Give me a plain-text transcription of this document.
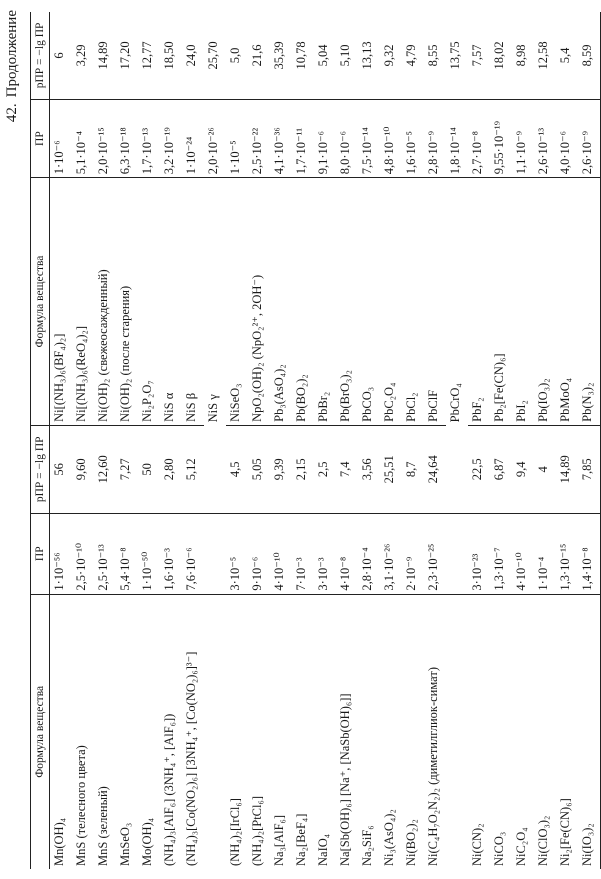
42.Продолжение
Формула вещества	ПР	pПР = −lg ПР	Формула вещества	ПР	pПР = −lg ПР
Mn(OH)₄	1·10⁻⁵⁶	56	Ni[(NH₃)₆(BF₄)₂]	1·10⁻⁶	6
MnS (телесного цвета)	2,5·10⁻¹⁰	9,60	Ni[(NH₃)₆(ReO₄)₂]	5,1·10⁻⁴	3,29
MnS (зеленый)	2,5·10⁻¹³	12,60	Ni(OH)₂ (свежеосажденный)	2,0·10⁻¹⁵	14,89
MnSeO₃	5,4·10⁻⁸	7,27	Ni(OH)₂ (после старения)	6,3·10⁻¹⁸	17,20
Mo(OH)₄	1·10⁻⁵⁰	50	Ni₂P₂O₇	1,7·10⁻¹³	12,77
(NH₄)₃[AlF₆] (3NH₄⁺, [AlF₆])	1,6·10⁻³	2,80	NiS α	3,2·10⁻¹⁹	18,50
(NH₄)₃[Co(NO₂)₆] [3NH₄⁺, [Co(NO₂)₆]³⁻]	7,6·10⁻⁶	5,12	NiS β	1·10⁻²⁴	24,0
			NiS γ	2,0·10⁻²⁶	25,70
(NH₄)₂[IrCl₆]	3·10⁻⁵	4,5	NiSeO₃	1·10⁻⁵	5,0
(NH₄)₂[PtCl₆]	9·10⁻⁶	5,05	NpO₂(OH)₂ (NpO₂²⁺, 2OH⁻)	2,5·10⁻²²	21,6
Na₃[AlF₆]	4·10⁻¹⁰	9,39	Pb₃(AsO₄)₂	4,1·10⁻³⁶	35,39
Na₂[BeF₄]	7·10⁻³	2,15	Pb(BO₂)₂	1,7·10⁻¹¹	10,78
NaIO₄	3·10⁻³	2,5	PbBr₂	9,1·10⁻⁶	5,04
Na[Sb(OH)₆] [Na⁺, [NaSb(OH)₆]]	4·10⁻⁸	7,4	Pb(BrO₃)₂	8,0·10⁻⁶	5,10
Na₂SiF₆	2,8·10⁻⁴	3,56	PbCO₃	7,5·10⁻¹⁴	13,13
Ni₃(AsO₄)₂	3,1·10⁻²⁶	25,51	PbC₂O₄	4,8·10⁻¹⁰	9,32
Ni(BO₂)₂	2·10⁻⁹	8,7	PbCl₂	1,6·10⁻⁵	4,79
Ni(C₄H₇O₂N₂)₂ (диметилглиок-симат)	2,3·10⁻²⁵	24,64	PbClF	2,8·10⁻⁹	8,55
			PbCrO₄	1,8·10⁻¹⁴	13,75
Ni(CN)₂	3·10⁻²³	22,5	PbF₂	2,7·10⁻⁸	7,57
NiCO₃	1,3·10⁻⁷	6,87	Pb₂[Fe(CN)₆]	9,55·10⁻¹⁹	18,02
NiC₂O₄	4·10⁻¹⁰	9,4	PbI₂	1,1·10⁻⁹	8,98
Ni(ClO₃)₂	1·10⁻⁴	4	Pb(IO₃)₂	2,6·10⁻¹³	12,58
Ni₂[Fe(CN)₆]	1,3·10⁻¹⁵	14,89	PbMoO₄	4,0·10⁻⁶	5,4
Ni(IO₃)₂	1,4·10⁻⁸	7,85	Pb(N₃)₂	2,6·10⁻⁹	8,59
